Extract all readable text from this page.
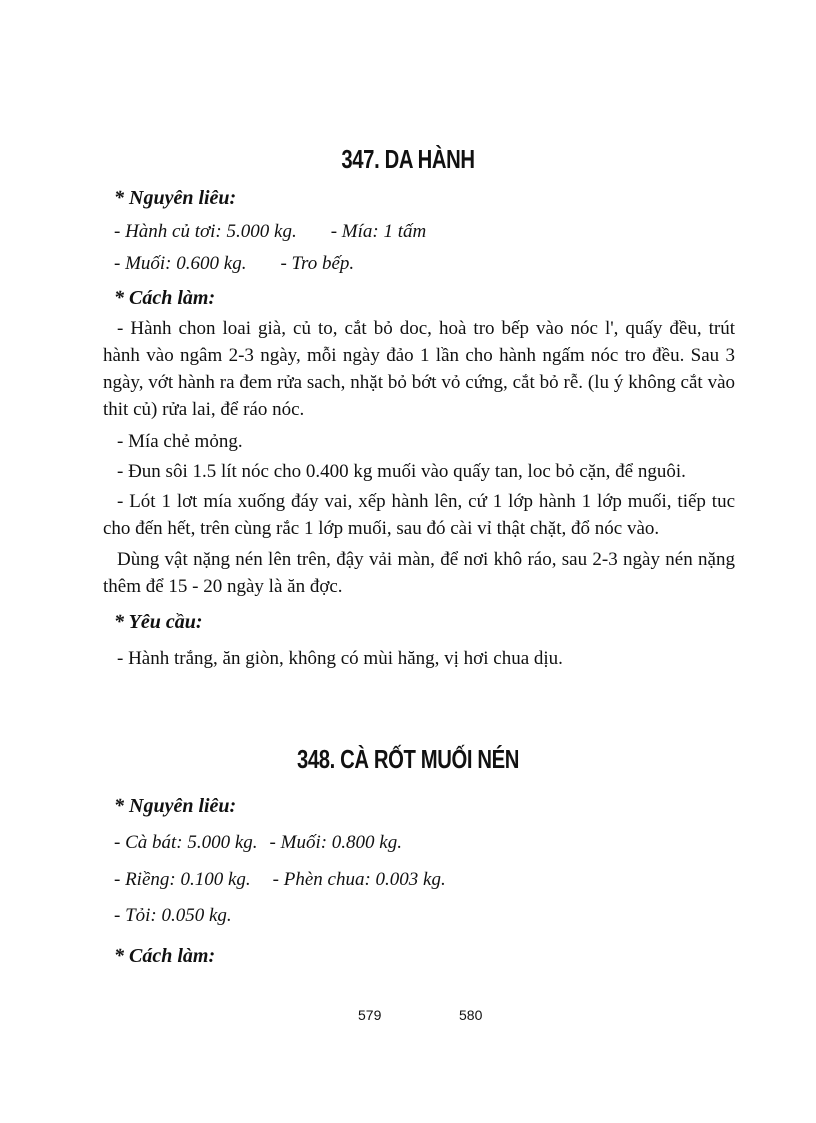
347. DA HÀNH
* Nguyên liêu:
- Hành củ tơi: 5.000 kg. - Mía: 1 tấm
- Muối: 0.600 kg. - Tro bếp.
* Cách làm:
- Hành chon loai già, củ to, cắt bỏ doc, hoà tro bếp vào nóc l', quấy đều, trút hành vào ngâm 2-3 ngày, mỗi ngày đảo 1 lần cho hành ngấm nóc tro đều. Sau 3 ngày, vớt hành ra đem rửa sach, nhặt bỏ bớt vỏ cứng, cắt bỏ rễ. (lu ý không cắt vào thit củ) rửa lai, để ráo nóc.
- Mía chẻ mỏng.
- Đun sôi 1.5 lít nóc cho 0.400 kg muối vào quấy tan, loc bỏ cặn, để nguôi.
- Lót 1 lơt mía xuống đáy vai, xếp hành lên, cứ 1 lớp hành 1 lớp muối, tiếp tuc cho đến hết, trên cùng rắc 1 lớp muối, sau đó cài vỉ thật chặt, đổ nóc vào.
Dùng vật nặng nén lên trên, đậy vải màn, để nơi khô ráo, sau 2-3 ngày nén nặng thêm để 15 - 20 ngày là ăn đợc.
* Yêu cầu:
- Hành trắng, ăn giòn, không có mùi hăng, vị hơi chua dịu.
348. CÀ RỐT MUỐI NÉN
* Nguyên liêu:
- Cà bát: 5.000 kg. - Muối: 0.800 kg.
- Riềng: 0.100 kg. - Phèn chua: 0.003 kg.
- Tỏi: 0.050 kg.
* Cách làm:
579	580
